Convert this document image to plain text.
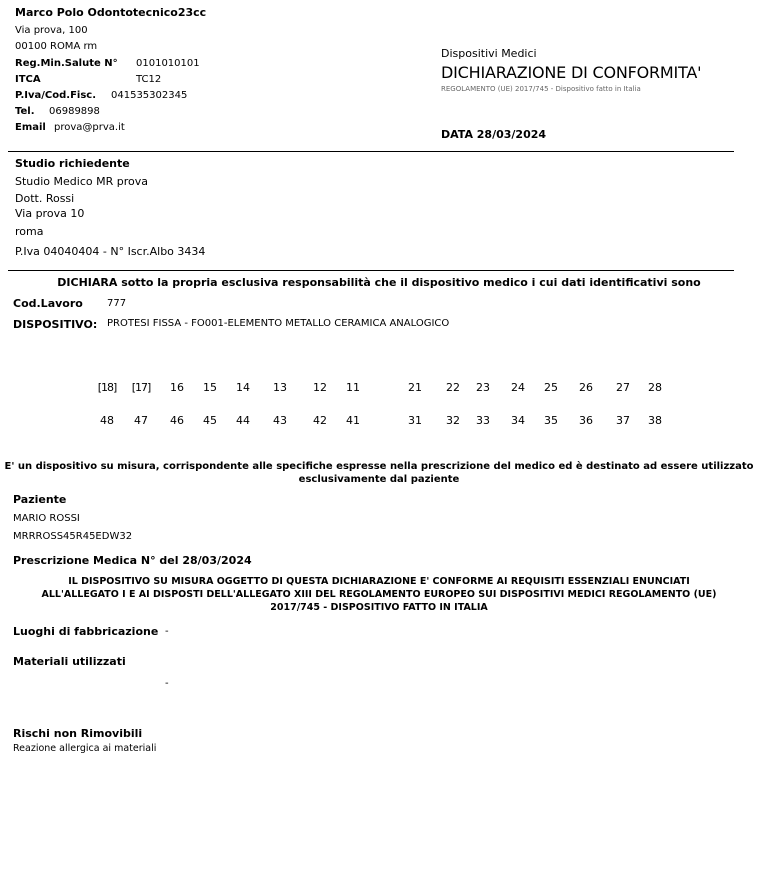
Marco Polo Odontotecnico23cc
Via prova, 100
00100 ROMA rm
Reg.Min.Salute N° 0101010101
ITCA	TC12
P.Iva/Cod.Fisc. 041535302345
Tel. 06989898
Email prova@prva.it
Dispositivi Medici
DICHIARAZIONE DI CONFORMITA'
REGOLAMENTO (UE) 2017/745 - Dispositivo fatto in Italia
DATA 28/03/2024
Studio richiedente
Studio Medico MR prova
Dott. Rossi
Via prova 10
roma
P.Iva 04040404 - N° Iscr.Albo 3434
DICHIARA sotto la propria esclusiva responsabilità che il dispositivo medico i cui dati identificativi sono
Cod.Lavoro 777
DISPOSITIVO: PROTESI FISSA - FO001-ELEMENTO METALLO CERAMICA ANALOGICO
[18] [17]	16	15	14	13	12	11	21	22	23	24	25	26	27	28
48	47	46	45	44	43	42	41	31	32	33	34	35	36	37	38
E' un dispositivo su misura, corrispondente alle specifiche espresse nella prescrizione del medico ed è destinato ad essere utilizzato esclusivamente dal paziente
Paziente
MARIO ROSSI
MRRROSS45R45EDW32
Prescrizione Medica N° del 28/03/2024
IL DISPOSITIVO SU MISURA OGGETTO DI QUESTA DICHIARAZIONE E' CONFORME AI REQUISITI ESSENZIALI ENUNCIATI
ALL'ALLEGATO I E AI DISPOSTI DELL'ALLEGATO XIII DEL REGOLAMENTO EUROPEO SUI DISPOSITIVI MEDICI REGOLAMENTO (UE)
2017/745 - DISPOSITIVO FATTO IN ITALIA
Luoghi di fabbricazione -
Materiali utilizzati
-
Rischi non Rimovibili
Reazione allergica ai materiali
